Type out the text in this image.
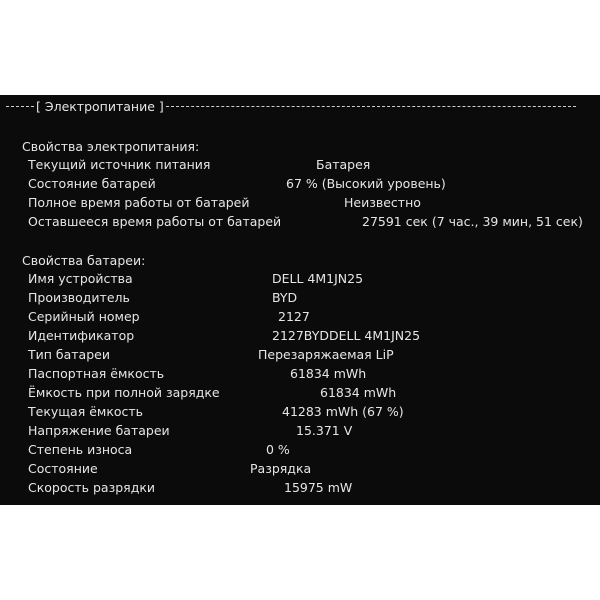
[ Электропитание ]
Свойства электропитания:
Текущий источник питания	Батарея
Состояние батарей	67 % (Высокий уровень)
Полное время работы от батарей	Неизвестно
Оставшееся время работы от батарей	27591 сек (7 час., 39 мин, 51 сек)
Свойства батареи:
Имя устройства	DELL 4M1JN25
Производитель	BYD
Серийный номер	2127
Идентификатор	2127BYDDELL 4M1JN25
Тип батареи	Перезаряжаемая LiP
Паспортная ёмкость	61834 mWh
Ёмкость при полной зарядке	61834 mWh
Текущая ёмкость	41283 mWh (67 %)
Напряжение батареи	15.371 V
Степень износа	0 %
Состояние	Разрядка
Скорость разрядки	15975 mW
